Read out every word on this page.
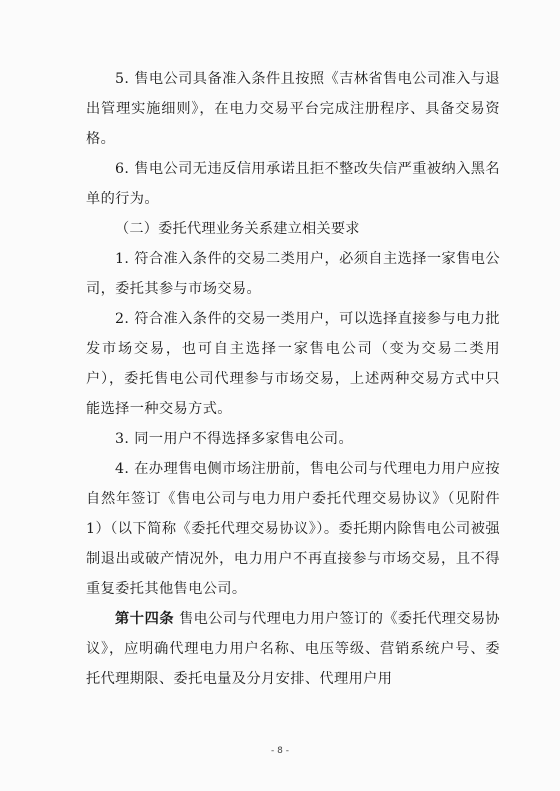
5. 售电公司具备准入条件且按照《吉林省售电公司准入与退出管理实施细则》，在电力交易平台完成注册程序、具备交易资格。

6. 售电公司无违反信用承诺且拒不整改失信严重被纳入黑名单的行为。

（二）委托代理业务关系建立相关要求

1. 符合准入条件的交易二类用户，必须自主选择一家售电公司，委托其参与市场交易。

2. 符合准入条件的交易一类用户，可以选择直接参与电力批发市场交易，也可自主选择一家售电公司（变为交易二类用户），委托售电公司代理参与市场交易，上述两种交易方式中只能选择一种交易方式。

3. 同一用户不得选择多家售电公司。

4. 在办理售电侧市场注册前，售电公司与代理电力用户应按自然年签订《售电公司与电力用户委托代理交易协议》（见附件 1）（以下简称《委托代理交易协议》）。委托期内除售电公司被强制退出或破产情况外，电力用户不再直接参与市场交易，且不得重复委托其他售电公司。

第十四条 售电公司与代理电力用户签订的《委托代理交易协议》，应明确代理电力用户名称、电压等级、营销系统户号、委托代理期限、委托电量及分月安排、代理用户用

- 8 -
